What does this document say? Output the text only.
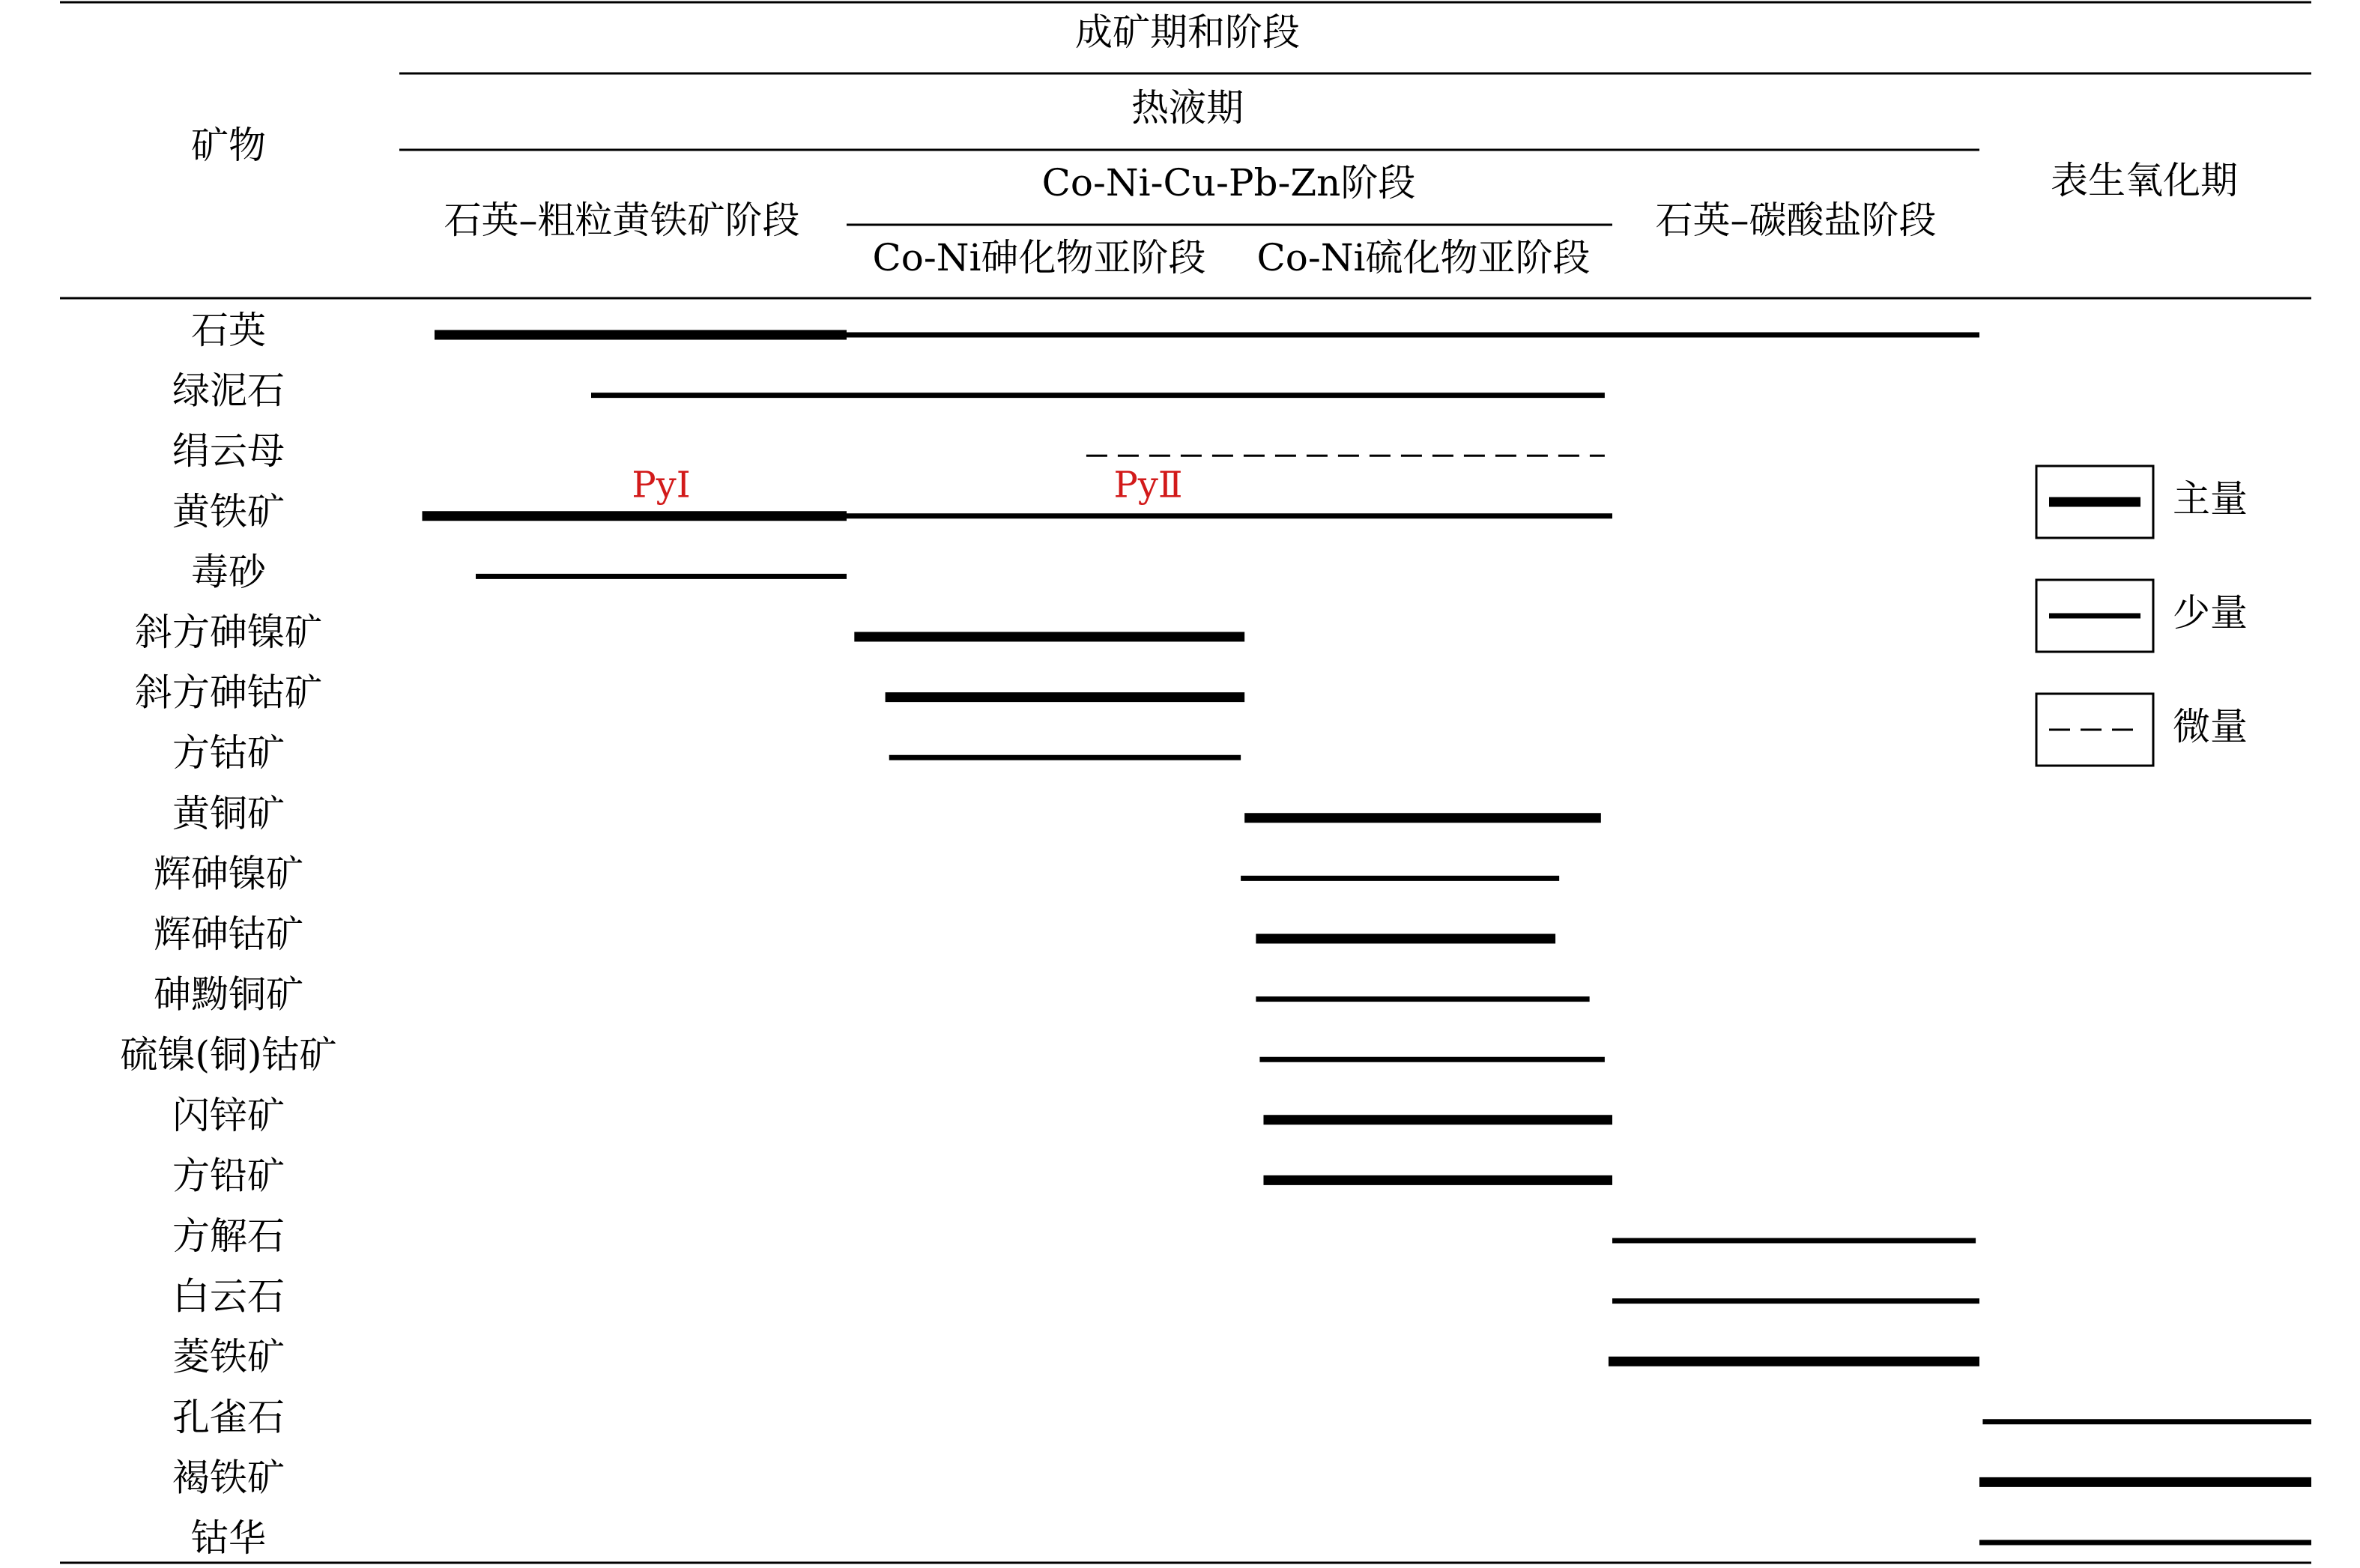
矿物
成矿期和阶段
热液期
表生氧化期
石英–粗粒黄铁矿阶段
Co-Ni-Cu-Pb-Zn阶段
石英–碳酸盐阶段
Co-Ni砷化物亚阶段 Co-Ni硫化物亚阶段
石英
绿泥石
绢云母
黄铁矿
毒砂
斜方砷镍矿
斜方砷钴矿
方钴矿
黄铜矿
辉砷镍矿
辉砷钴矿
砷黝铜矿
硫镍(铜)钴矿
闪锌矿
方铅矿
方解石
白云石
菱铁矿
孔雀石
褐铁矿
钴华
PyⅠ	PyⅡ	主量
少量
微量
